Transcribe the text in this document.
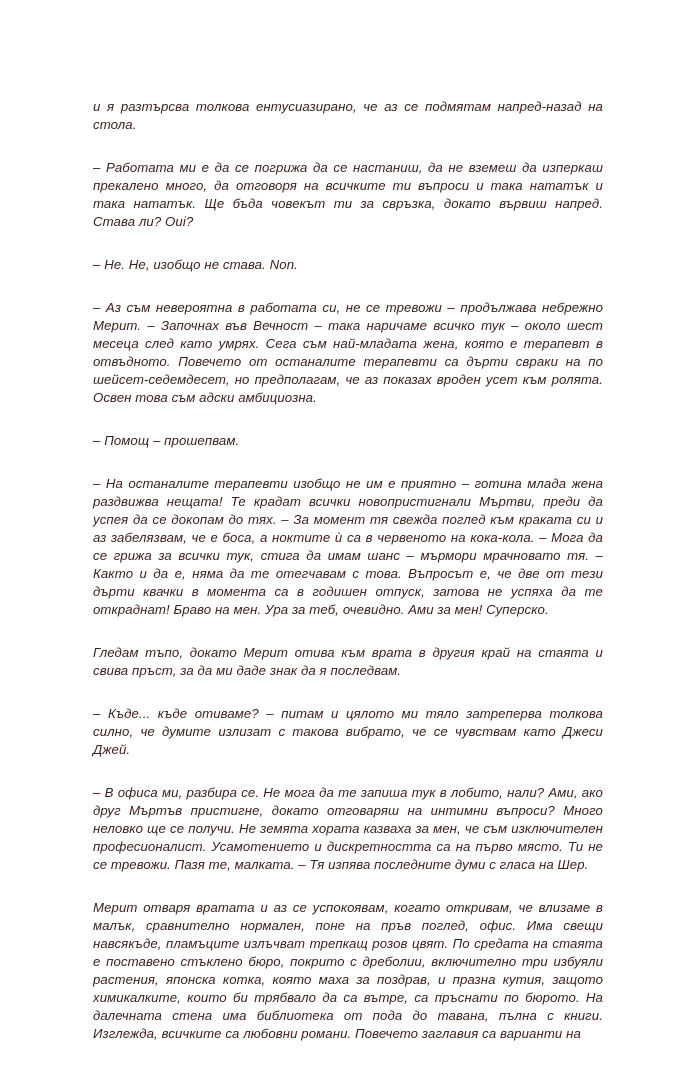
и я разтърсва толкова ентусиазирано, че аз се подмятам напред-назад на стола.

– Работата ми е да се погрижа да се настаниш, да не вземеш да изперкаш прекалено много, да отговоря на всичките ти въпроси и така нататък и така нататък. Ще бъда човекът ти за свръзка, докато вървиш напред. Става ли? Oui?

– Не. Не, изобщо не става. Non.

– Аз съм невероятна в работата си, не се тревожи – продължава небрежно Мерит. – Започнах във Вечност – така наричаме всичко тук – около шест месеца след като умрях. Сега съм най-младата жена, която е терапевт в отвъдното. Повечето от останалите терапевти са дърти свраки на по шейсет-седемдесет, но предполагам, че аз показах вроден усет към ролята. Освен това съм адски амбициозна.

– Помощ – прошепвам.

– На останалите терапевти изобщо не им е приятно – готина млада жена раздвижва нещата! Те крадат всички новопристигнали Мъртви, преди да успея да се докопам до тях. – За момент тя свежда поглед към краката си и аз забелязвам, че е боса, а ноктите ѝ са в червеното на кока-кола. – Мога да се грижа за всички тук, стига да имам шанс – мърмори мрачновато тя. – Както и да е, няма да те отегчавам с това. Въпросът е, че две от тези дърти квачки в момента са в годишен отпуск, затова не успяха да те откраднат! Браво на мен. Ура за теб, очевидно. Ами за мен! Суперско.

Гледам тъпо, докато Мерит отива към врата в другия край на стаята и свива пръст, за да ми даде знак да я последвам.

– Къде... къде отиваме? – питам и цялото ми тяло затреперва толкова силно, че думите излизат с такова вибрато, че се чувствам като Джеси Джей.

– В офиса ми, разбира се. Не мога да те запиша тук в лобито, нали? Ами, ако друг Мъртъв пристигне, докато отговаряш на интимни въпроси? Много неловко ще се получи. Не земята хората казваха за мен, че съм изключителен професионалист. Усамотението и дискретността са на първо място. Ти не се тревожи. Пазя те, малката. – Тя изпява последните думи с гласа на Шер.

Мерит отваря вратата и аз се успокоявам, когато откривам, че влизаме в малък, сравнително нормален, поне на пръв поглед, офис. Има свещи навсякъде, пламъците излъчват трепкащ розов цвят. По средата на стаята е поставено стъклено бюро, покрито с дреболии, включително три избуяли растения, японска котка, която маха за поздрав, и празна кутия, защото химикалките, които би трябвало да са вътре, са пръснати по бюрото. На далечната стена има библиотека от пода до тавана, пълна с книги. Изглежда, всичките са любовни романи. Повечето заглавия са варианти на
